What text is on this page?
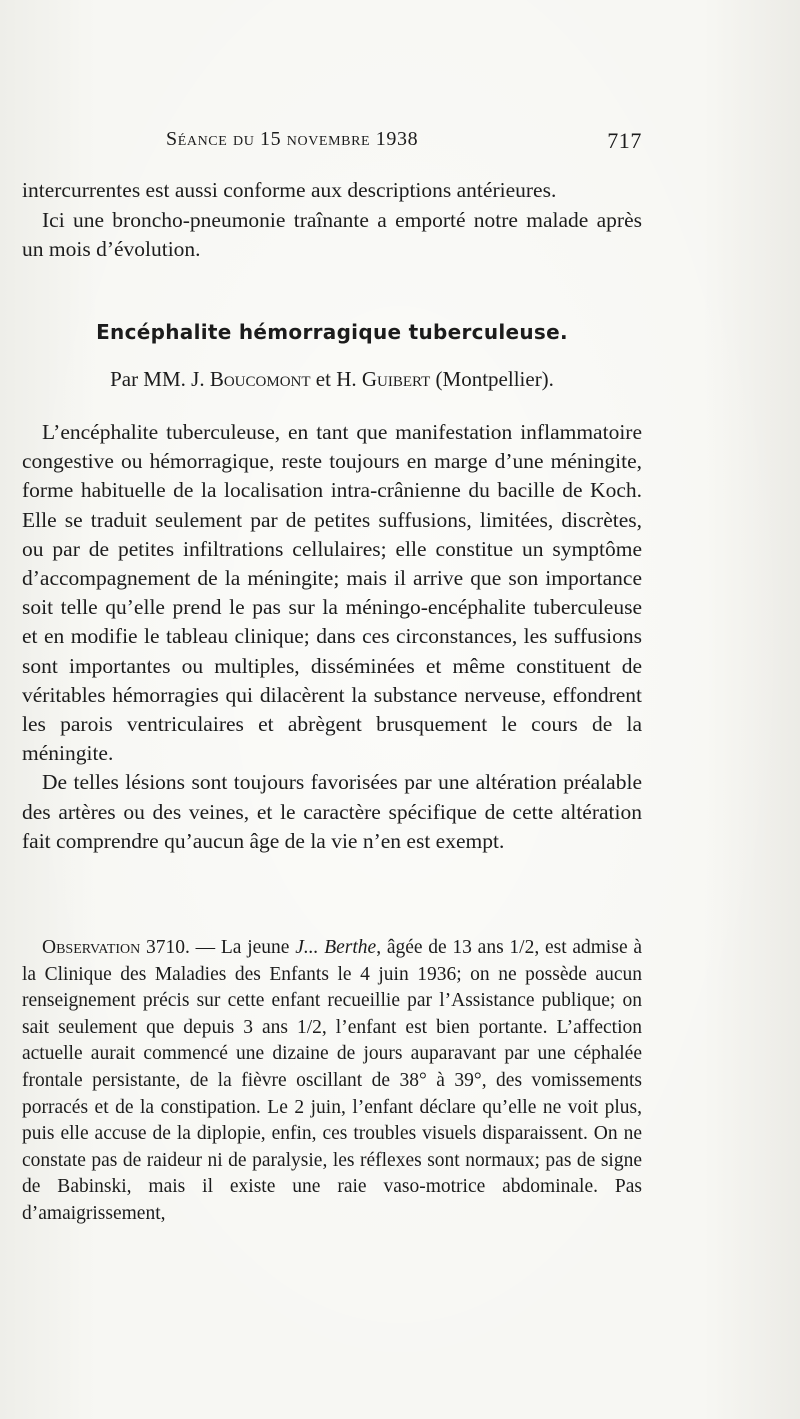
Séance du 15 novembre 1938	717

intercurrentes est aussi conforme aux descriptions antérieures.

Ici une broncho-pneumonie traînante a emporté notre malade après un mois d’évolution.

Encéphalite hémorragique tuberculeuse.
Par MM. J. Boucomont et H. Guibert (Montpellier).

L’encéphalite tuberculeuse, en tant que manifestation inflammatoire congestive ou hémorragique, reste toujours en marge d’une méningite, forme habituelle de la localisation intra-crânienne du bacille de Koch. Elle se traduit seulement par de petites suffusions, limitées, discrètes, ou par de petites infiltrations cellulaires; elle constitue un symptôme d’accompagnement de la méningite; mais il arrive que son importance soit telle qu’elle prend le pas sur la méningo-encéphalite tuberculeuse et en modifie le tableau clinique; dans ces circonstances, les suffusions sont importantes ou multiples, disséminées et même constituent de véritables hémorragies qui dilacèrent la substance nerveuse, effondrent les parois ventriculaires et abrègent brusquement le cours de la méningite.

De telles lésions sont toujours favorisées par une altération préalable des artères ou des veines, et le caractère spécifique de cette altération fait comprendre qu’aucun âge de la vie n’en est exempt.

Observation 3710. — La jeune J... Berthe, âgée de 13 ans 1/2, est admise à la Clinique des Maladies des Enfants le 4 juin 1936; on ne possède aucun renseignement précis sur cette enfant recueillie par l’Assistance publique; on sait seulement que depuis 3 ans 1/2, l’enfant est bien portante. L’affection actuelle aurait commencé une dizaine de jours auparavant par une céphalée frontale persistante, de la fièvre oscillant de 38° à 39°, des vomissements porracés et de la constipation. Le 2 juin, l’enfant déclare qu’elle ne voit plus, puis elle accuse de la diplopie, enfin, ces troubles visuels disparaissent. On ne constate pas de raideur ni de paralysie, les réflexes sont normaux; pas de signe de Babinski, mais il existe une raie vaso-motrice abdominale. Pas d’amaigrissement,
